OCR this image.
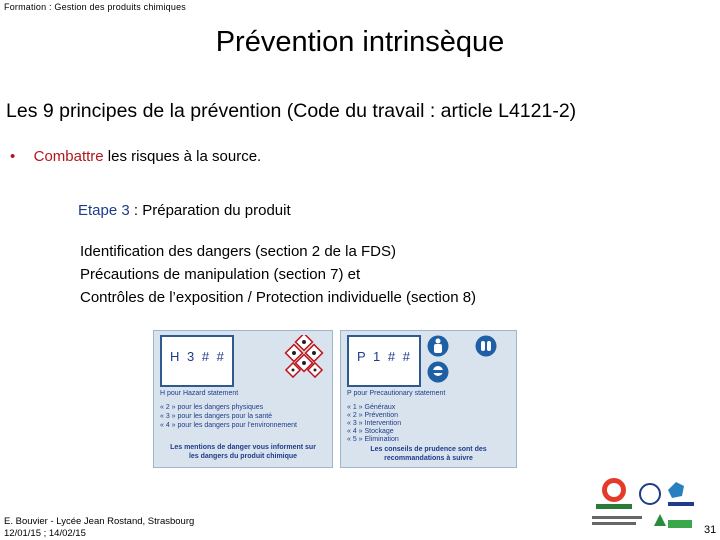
Formation : Gestion des produits chimiques
Prévention intrinsèque
Les 9 principes de la prévention (Code du travail : article L4121-2)
• Combattre les risques à la source.
Etape 3 : Préparation du produit
Identification des dangers (section 2 de la FDS)
Précautions de manipulation (section 7) et
Contrôles de l’exposition / Protection individuelle (section 8)
H 3 # #
H pour Hazard statement
« 2 » pour les dangers physiques
« 3 » pour les dangers pour la santé
« 4 » pour les dangers pour l’environnement
Les mentions de danger vous informent sur
les dangers du produit chimique
P 1 # #
P pour Precautionary statement
« 1 » Généraux
« 2 » Prévention
« 3 » Intervention
« 4 » Stockage
« 5 » Elimination
Les conseils de prudence sont des
recommandations à suivre
E. Bouvier - Lycée Jean Rostand, Strasbourg
12/01/15 ; 14/02/15	31
